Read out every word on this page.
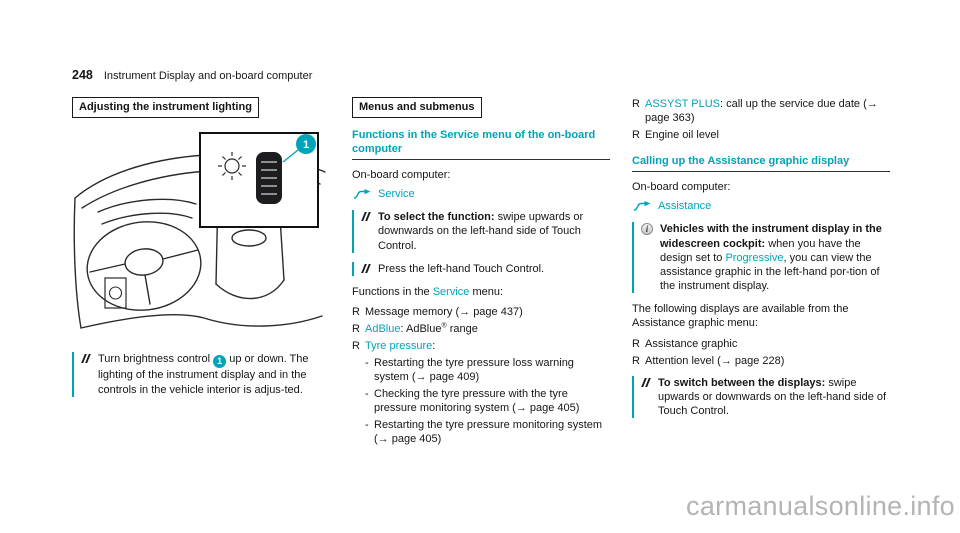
248 Instrument Display and on-board computer
Adjusting the instrument lighting
1

Turn brightness control 1 up or down. The lighting of the instrument display and in the controls in the vehicle interior is adjus-ted.

Menus and submenus
Functions in the Service menu of the on-board computer

On-board computer:

Service

To select the function: swipe upwards or downwards on the left-hand side of Touch Control.

Press the left-hand Touch Control.

Functions in the Service menu:

R Message memory (→ page 437)

R AdBlue: AdBlue® range

R Tyre pressure:

- Restarting the tyre pressure loss warning system (→ page 409)

- Checking the tyre pressure with the tyre pressure monitoring system (→ page 405)

- Restarting the tyre pressure monitoring system (→ page 405)

R ASSYST PLUS: call up the service due date (→ page 363)

R Engine oil level

Calling up the Assistance graphic display

On-board computer:

Assistance
i	Vehicles with the instrument display in the widescreen cockpit: when you have the design set to Progressive, you can view the assistance graphic in the left-hand por-tion of the instrument display.

The following displays are available from the Assistance graphic menu:

R Assistance graphic

R Attention level (→ page 228)

To switch between the displays: swipe upwards or downwards on the left-hand side of Touch Control.

carmanualsonline.info
